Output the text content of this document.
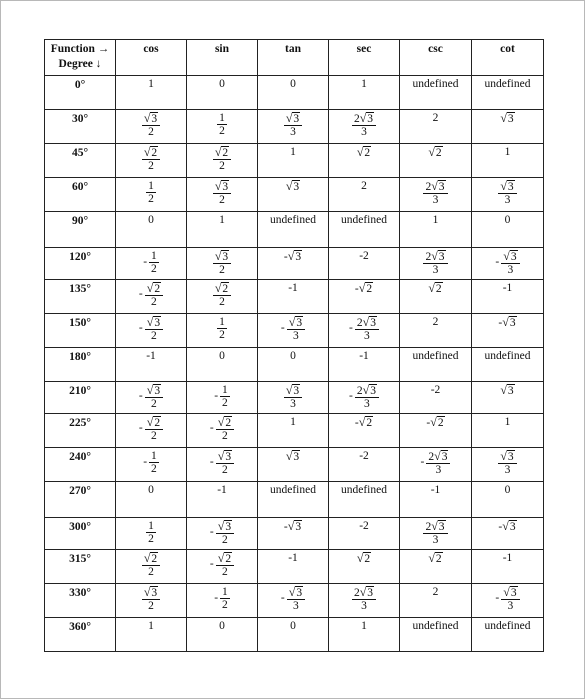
Function →
Degree ↓	cos	sin	tan	sec	csc	cot
0°	1	0	0	1	undefined	undefined
30°	$\frac{√3}{2}$	$\frac{1}{2}$	$\frac{√3}{3}$	$\frac{2√3}{3}$	2	√3
45°	$\frac{√2}{2}$	$\frac{√2}{2}$	1	√2	√2	1
60°	$\frac{1}{2}$	$\frac{√3}{2}$	√3	2	$\frac{2√3}{3}$	$\frac{√3}{3}$

90°	0	1	undefined	undefined	1	0
120°	- $\frac{1}{2}$	$\frac{√3}{2}$	-√3	-2	$\frac{2√3}{3}$	- $\frac{√3}{3}$

135°	- $\frac{√2}{2}$	$\frac{√2}{2}$	-1	-√2	√2	-1
150°	- $\frac{√3}{2}$	$\frac{1}{2}$	- $\frac{√3}{3}$	- $\frac{2√3}{3}$	2	-√3
180°	-1	0	0	-1	undefined	undefined
210°	- $\frac{√3}{2}$	- $\frac{1}{2}$	$\frac{√3}{3}$	- $\frac{2√3}{3}$	-2	√3
225°	- $\frac{√2}{2}$	- $\frac{√2}{2}$	1	-√2	-√2	1
240°	- $\frac{1}{2}$	- $\frac{√3}{2}$	√3	-2	- $\frac{2√3}{3}$	$\frac{√3}{3}$

270°	0	-1	undefined	undefined	-1	0
300°	$\frac{1}{2}$	- $\frac{√3}{2}$	-√3	-2	$\frac{2√3}{3}$	-√3
315°	$\frac{√2}{2}$	- $\frac{√2}{2}$	-1	√2	√2	-1
330°	$\frac{√3}{2}$	- $\frac{1}{2}$	- $\frac{√3}{3}$	$\frac{2√3}{3}$	2	- $\frac{√3}{3}$

360°	1	0	0	1	undefined	undefined
